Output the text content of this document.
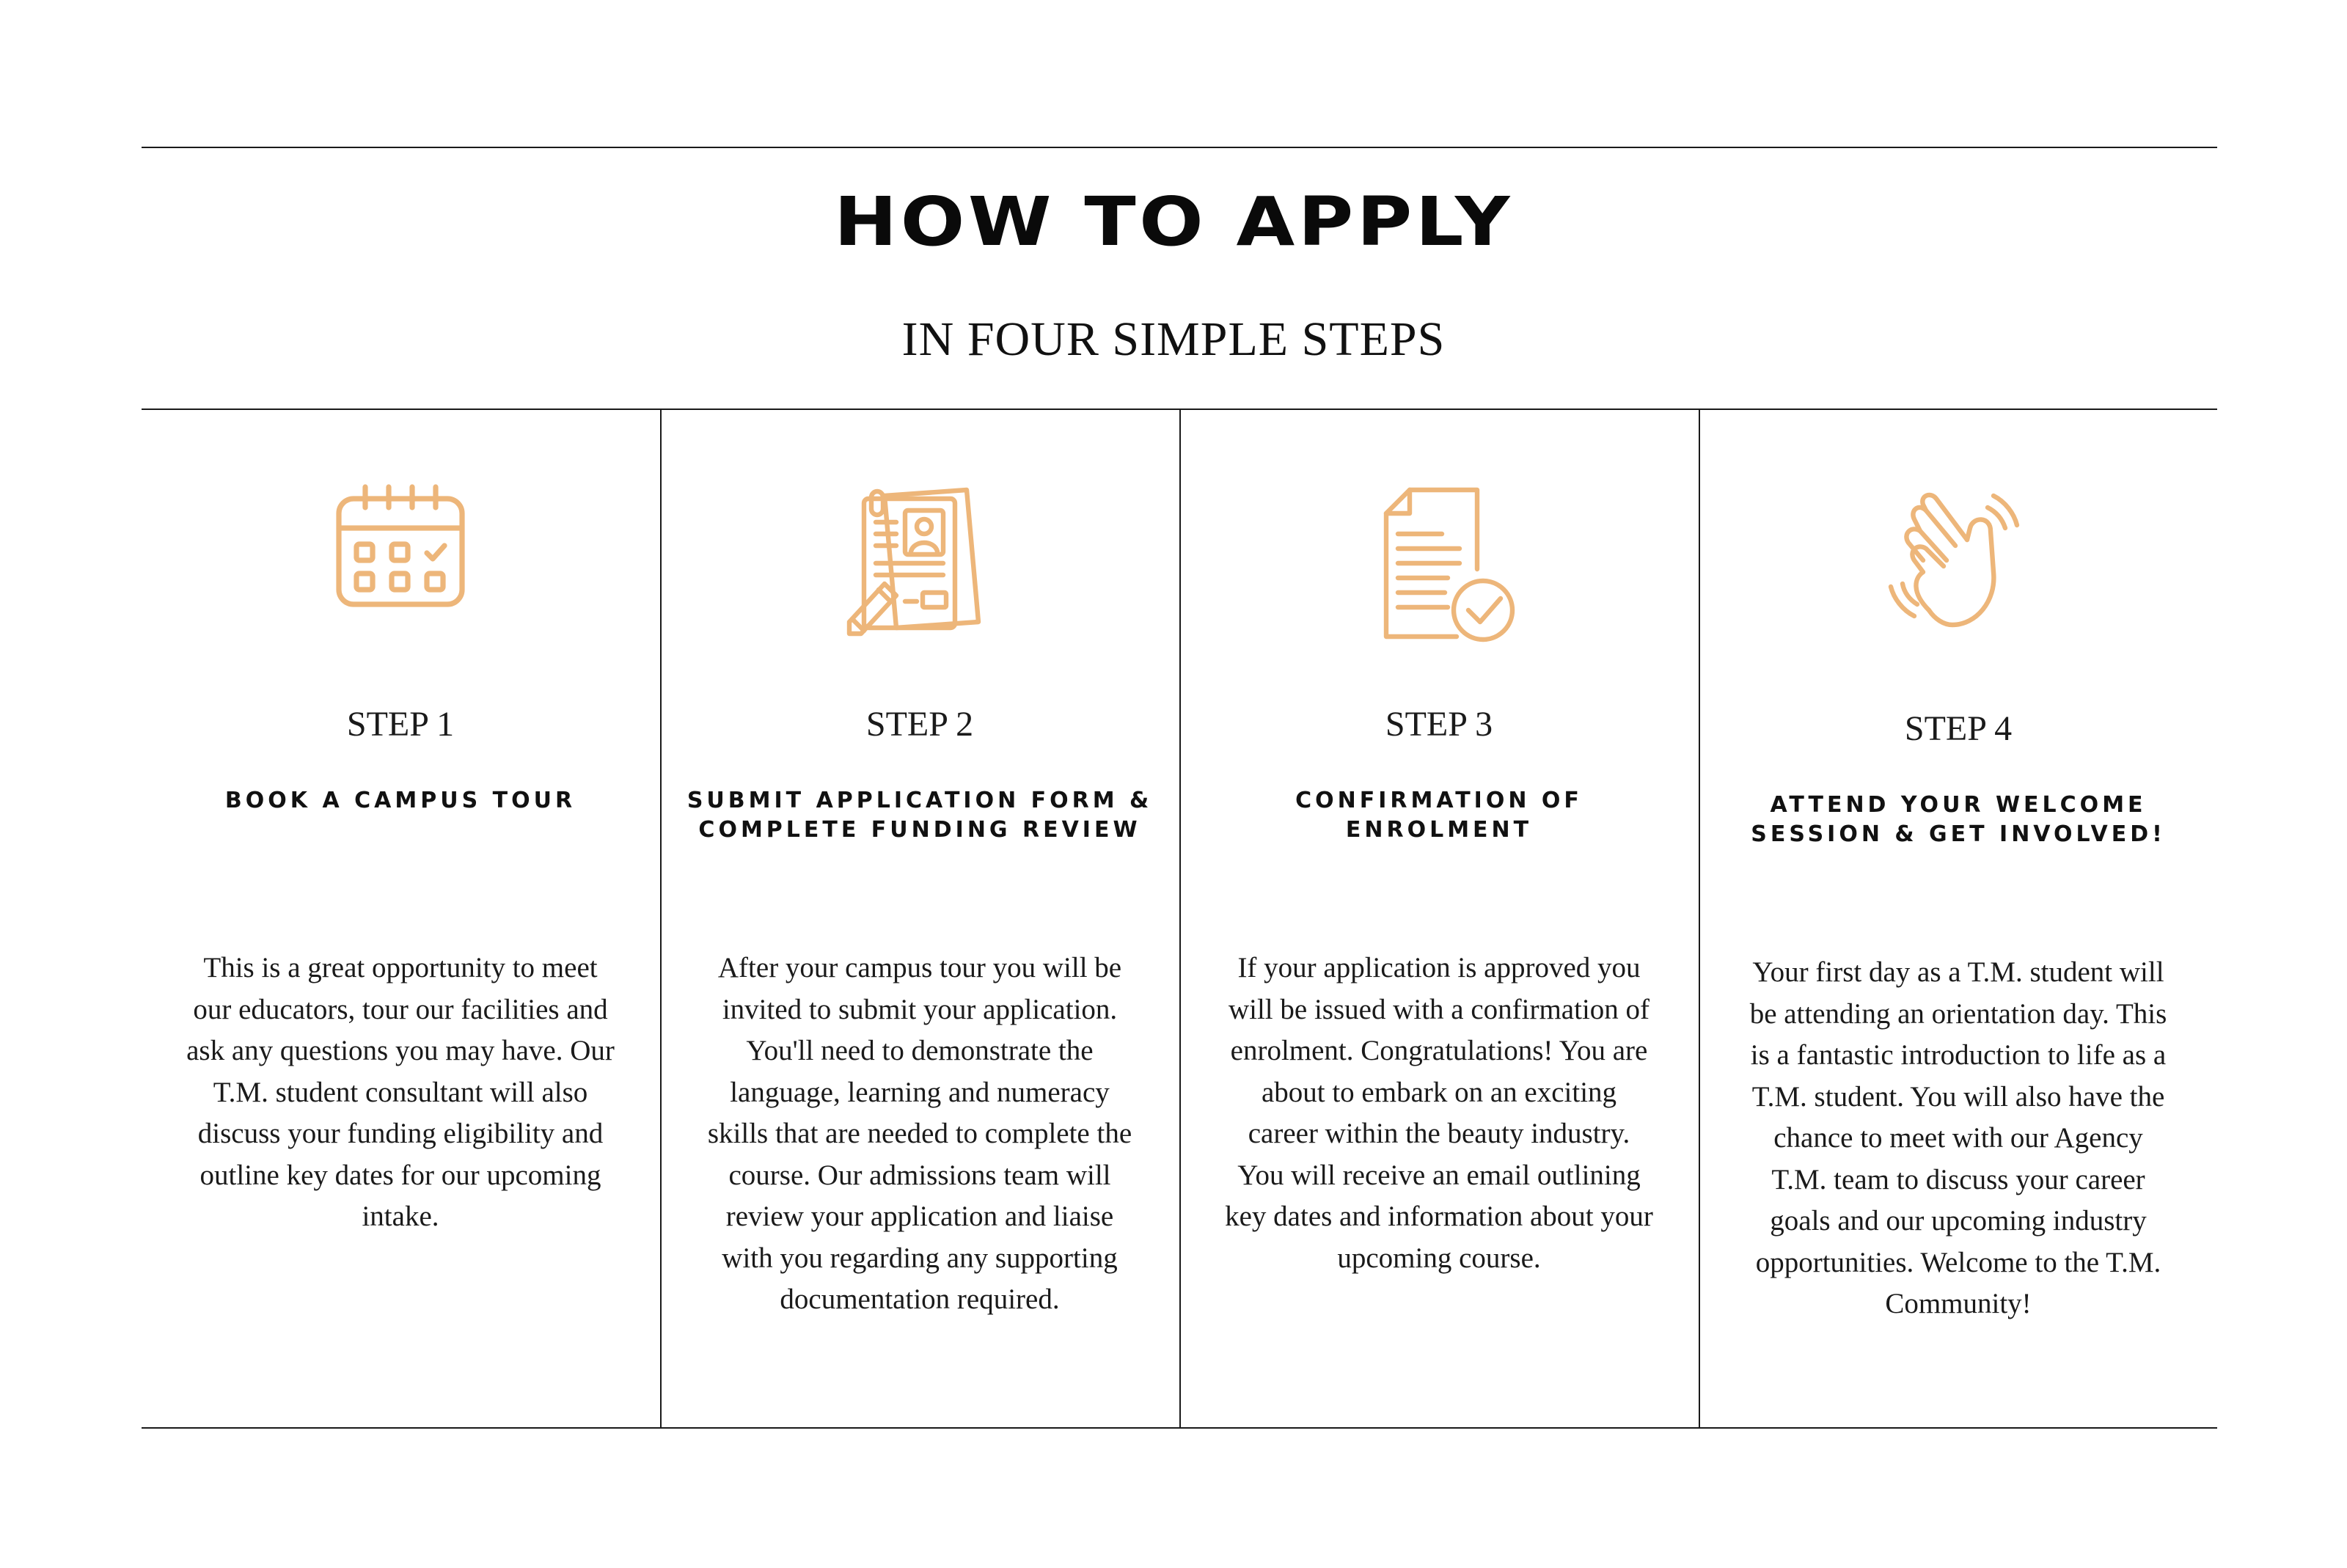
HOW TO APPLY
IN FOUR SIMPLE STEPS
STEP 1
BOOK A CAMPUS TOUR
This is a great opportunity to meet our educators, tour our facilities and ask any questions you may have. Our T.M. student consultant will also discuss your funding eligibility and outline key dates for our upcoming intake.
STEP 2
SUBMIT APPLICATION FORM & COMPLETE FUNDING REVIEW
After your campus tour you will be invited to submit your application. You'll need to demonstrate the language, learning and numeracy skills that are needed to complete the course. Our admissions team will review your application and liaise with you regarding any supporting documentation required.
STEP 3
CONFIRMATION OF ENROLMENT
If your application is approved you will be issued with a confirmation of enrolment. Congratulations! You are about to embark on an exciting career within the beauty industry. You will receive an email outlining key dates and information about your upcoming course.
STEP 4
ATTEND YOUR WELCOME SESSION & GET INVOLVED!
Your first day as a T.M. student will be attending an orientation day. This is a fantastic introduction to life as a T.M. student. You will also have the chance to meet with our Agency T.M. team to discuss your career goals and our upcoming industry opportunities. Welcome to the T.M. Community!
